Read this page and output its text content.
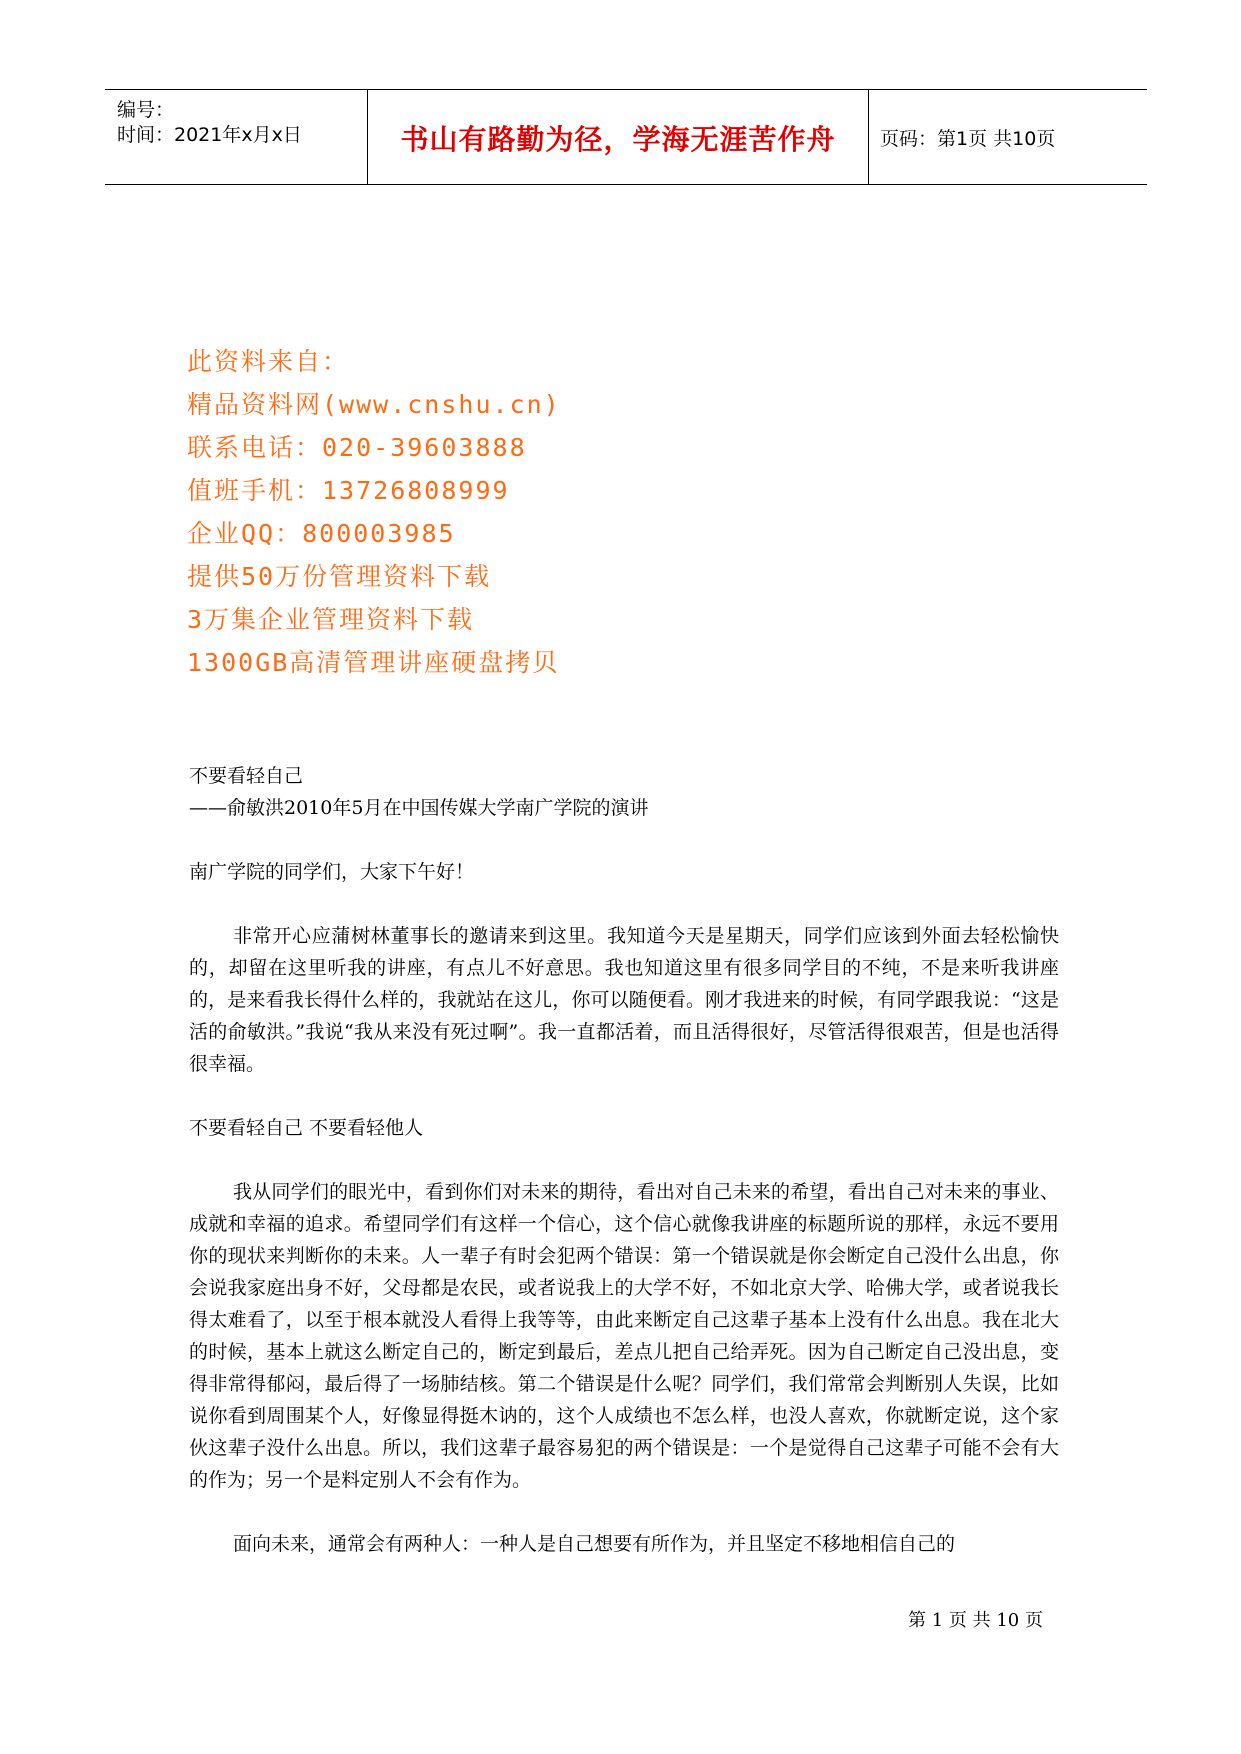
编号：
时间：2021年x月x日	书山有路勤为径，学海无涯苦作舟	页码：第1页 共10页
此资料来自：
精品资料网(www.cnshu.cn)
联系电话：020-39603888
值班手机：13726808999
企业QQ：800003985
提供50万份管理资料下载
3万集企业管理资料下载
1300GB高清管理讲座硬盘拷贝

不要看轻自己

——俞敏洪2010年5月在中国传媒大学南广学院的演讲

南广学院的同学们，大家下午好！

非常开心应蒲树林董事长的邀请来到这里。我知道今天是星期天，同学们应该到外面去轻松愉快的，却留在这里听我的讲座，有点儿不好意思。我也知道这里有很多同学目的不纯，不是来听我讲座的，是来看我长得什么样的，我就站在这儿，你可以随便看。刚才我进来的时候，有同学跟我说：“这是活的俞敏洪。”我说“我从来没有死过啊”。我一直都活着，而且活得很好，尽管活得很艰苦，但是也活得很幸福。

不要看轻自己 不要看轻他人

我从同学们的眼光中，看到你们对未来的期待，看出对自己未来的希望，看出自己对未来的事业、成就和幸福的追求。希望同学们有这样一个信心，这个信心就像我讲座的标题所说的那样，永远不要用你的现状来判断你的未来。人一辈子有时会犯两个错误：第一个错误就是你会断定自己没什么出息，你会说我家庭出身不好，父母都是农民，或者说我上的大学不好，不如北京大学、哈佛大学，或者说我长得太难看了，以至于根本就没人看得上我等等，由此来断定自己这辈子基本上没有什么出息。我在北大的时候，基本上就这么断定自己的，断定到最后，差点儿把自己给弄死。因为自己断定自己没出息，变得非常得郁闷，最后得了一场肺结核。第二个错误是什么呢？同学们，我们常常会判断别人失误，比如说你看到周围某个人，好像显得挺木讷的，这个人成绩也不怎么样，也没人喜欢，你就断定说，这个家伙这辈子没什么出息。所以，我们这辈子最容易犯的两个错误是：一个是觉得自己这辈子可能不会有大的作为；另一个是料定别人不会有作为。

面向未来，通常会有两种人：一种人是自己想要有所作为，并且坚定不移地相信自己的

第 1 页 共 10 页
